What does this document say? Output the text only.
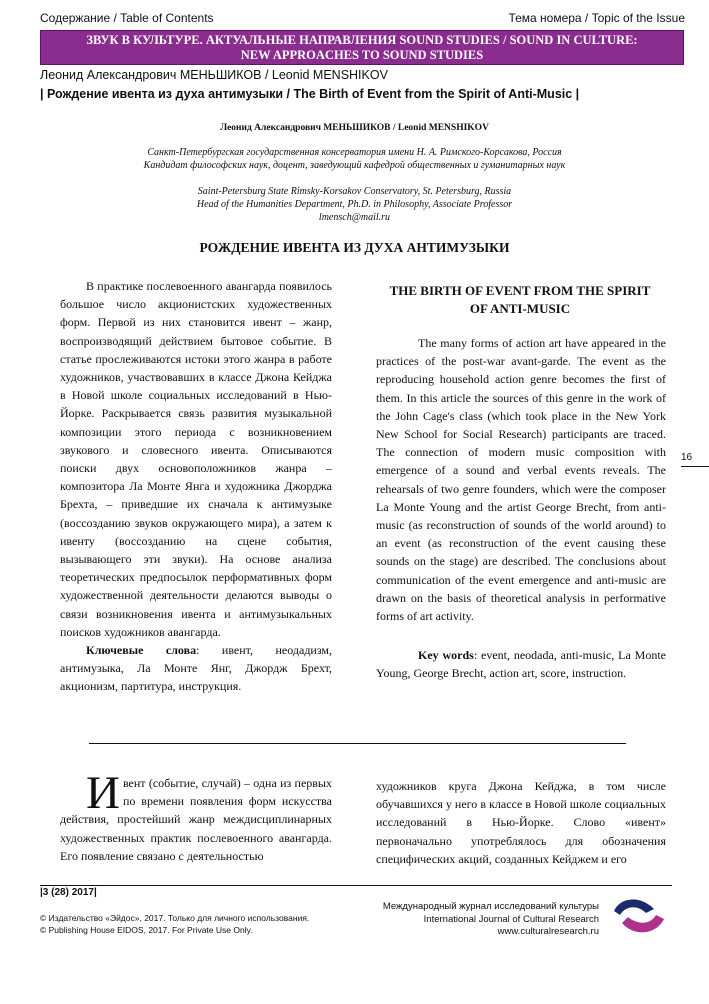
Содержание / Table of Contents	Тема номера / Topic of the Issue
ЗВУК В КУЛЬТУРЕ. АКТУАЛЬНЫЕ НАПРАВЛЕНИЯ SOUND STUDIES / SOUND IN CULTURE:
NEW APPROACHES TO SOUND STUDIES
Леонид Александрович МЕНЬШИКОВ / Leonid MENSHIKOV
| Рождение ивента из духа антимузыки / The Birth of Event from the Spirit of Anti-Music |
Леонид Александрович МЕНЬШИКОВ / Leonid MENSHIKOV
Санкт-Петербургская государственная консерватория имени Н. А. Римского-Корсакова, Россия
Кандидат философских наук, доцент, заведующий кафедрой общественных и гуманитарных наук
Saint-Petersburg State Rimsky-Korsakov Conservatory, St. Petersburg, Russia
Head of the Humanities Department, Ph.D. in Philosophy, Associate Professor
lmensch@mail.ru
РОЖДЕНИЕ ИВЕНТА ИЗ ДУХА АНТИМУЗЫКИ

В практике послевоенного авангарда появилось большое число акционистских художественных форм. Первой из них становится ивент – жанр, воспроизводящий действием бытовое событие. В статье прослеживаются истоки этого жанра в работе художников, участвовавших в классе Джона Кейджа в Новой школе социальных исследований в Нью-Йорке. Раскрывается связь развития музыкальной композиции этого периода с возникновением звукового и словесного ивента. Описываются поиски двух основоположников жанра – композитора Ла Монте Янга и художника Джорджа Брехта, – приведшие их сначала к антимузыке (воссозданию звуков окружающего мира), а затем к ивенту (воссозданию на сцене события, вызывающего эти звуки). На основе анализа теоретических предпосылок перформативных форм художественной деятельности делаются выводы о связи возникновения ивента и антимузыкальных поисков художников авангарда.

Ключевые слова: ивент, неодадизм, антимузыка, Ла Монте Янг, Джордж Брехт, акционизм, партитура, инструкция.
THE BIRTH OF EVENT FROM THE SPIRIT
OF ANTI-MUSIC
The many forms of action art have appeared in the practices of the post-war avant-garde. The event as the reproducing household action genre becomes the first of them. In this article the sources of this genre in the work of the John Cage's class (which took place in the New York New School for Social Research) participants are traced. The connection of modern music composition with emergence of a sound and verbal events reveals. The rehearsals of two genre founders, which were the composer La Monte Young and the artist George Brecht, from anti-music (as reconstruction of sounds of the world around) to an event (as reconstruction of the event causing these sounds on the stage) are described. The conclusions about communication of the event emergence and anti-music are drawn on the basis of theoretical analysis in performative forms of art activity.
Key words: event, neodada, anti-music, La Monte Young, George Brecht, action art, score, instruction.
16
И вент (событие, случай) – одна из первых по времени появления форм искусства действия, простейший жанр междисциплинарных художественных практик послевоенного авангарда. Его появление связано с деятельностью
художников круга Джона Кейджа, в том числе обучавшихся у него в классе в Новой школе социальных исследований в Нью-Йорке. Слово «ивент» первоначально употреблялось для обозначения специфических акций, созданных Кейджем и его
|3 (28) 2017|
© Издательство «Эйдос», 2017. Только для личного использования.
© Publishing House EIDOS, 2017. For Private Use Only.
Международный журнал исследований культуры
International Journal of Cultural Research
www.culturalresearch.ru
